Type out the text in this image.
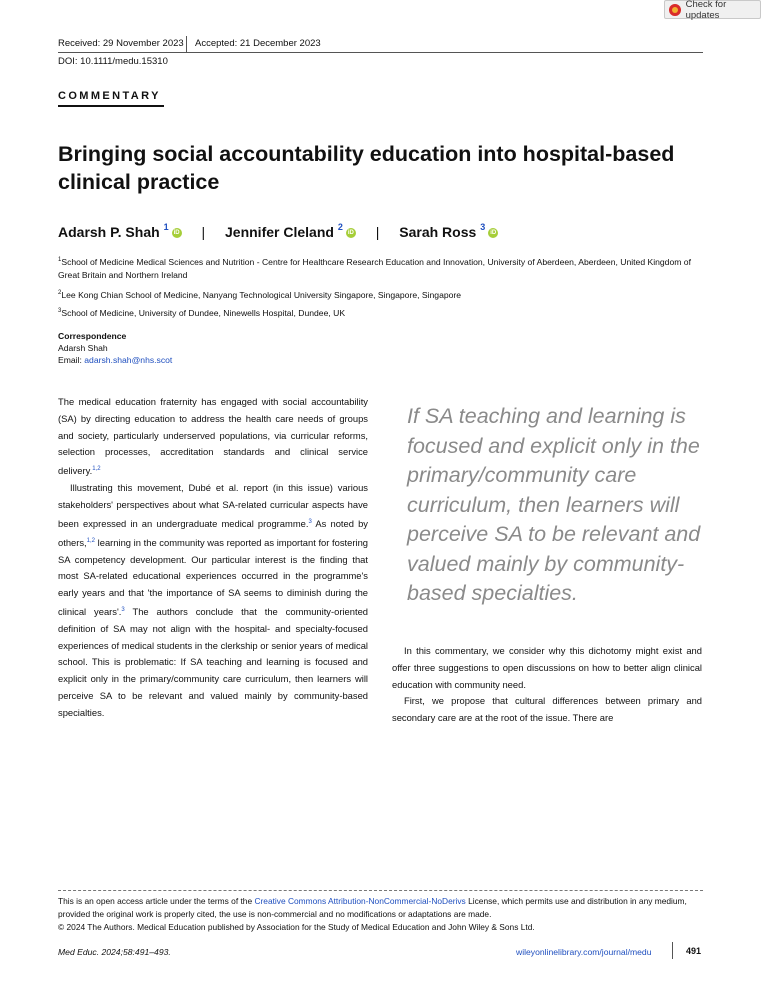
Check for updates
Received: 29 November 2023 Accepted: 21 December 2023
DOI: 10.1111/medu.15310
COMMENTARY
Bringing social accountability education into hospital-based clinical practice
Adarsh P. Shah $^1$iD | Jennifer Cleland $^2$iD | Sarah Ross $^3$iD
$^1$School of Medicine Medical Sciences and Nutrition - Centre for Healthcare Research Education and Innovation, University of Aberdeen, Aberdeen, United Kingdom of Great Britain and Northern Ireland
$^2$Lee Kong Chian School of Medicine, Nanyang Technological University Singapore, Singapore, Singapore
$^3$School of Medicine, University of Dundee, Ninewells Hospital, Dundee, UK
Correspondence
Adarsh Shah
Email: adarsh.shah@nhs.scot

The medical education fraternity has engaged with social accountability (SA) by directing education to address the health care needs of groups and society, particularly underserved populations, via curricular reforms, selection processes, accreditation standards and clinical service delivery.$^{1,2}$

Illustrating this movement, Dubé et al. report (in this issue) various stakeholders' perspectives about what SA-related curricular aspects have been expressed in an undergraduate medical programme.$^3$ As noted by others,$^{1,2}$ learning in the community was reported as important for fostering SA competency development. Our particular interest is the finding that most SA-related educational experiences occurred in the programme's early years and that 'the importance of SA seems to diminish during the clinical years'.$^3$ The authors conclude that the community-oriented definition of SA may not align with the hospital- and specialty-focused experiences of medical students in the clerkship or senior years of medical school. This is problematic: If SA teaching and learning is focused and explicit only in the primary/community care curriculum, then learners will perceive SA to be relevant and valued mainly by community-based specialties.

If SA teaching and learning is focused and explicit only in the primary/community care curriculum, then learners will perceive SA to be relevant and valued mainly by community-based specialties.

In this commentary, we consider why this dichotomy might exist and offer three suggestions to open discussions on how to better align clinical education with community need.

First, we propose that cultural differences between primary and secondary care are at the root of the issue. There are

This is an open access article under the terms of the Creative Commons Attribution-NonCommercial-NoDerivs License, which permits use and distribution in any medium, provided the original work is properly cited, the use is non-commercial and no modifications or adaptations are made.

© 2024 The Authors. Medical Education published by Association for the Study of Medical Education and John Wiley & Sons Ltd.

Med Educ. 2024;58:491–493.	wileyonlinelibrary.com/journal/medu	491
